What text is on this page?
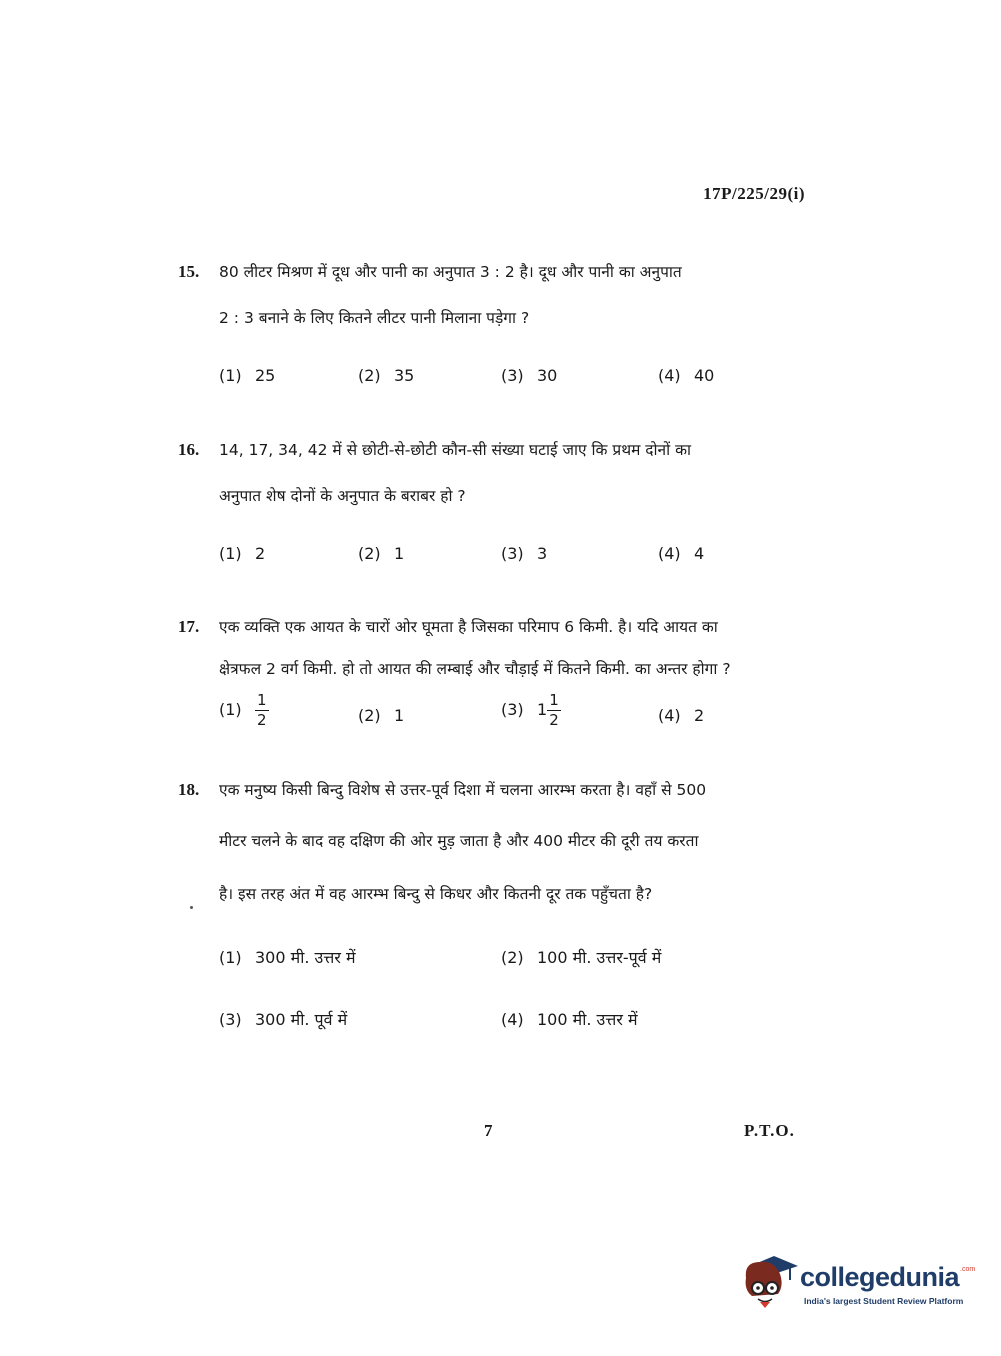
17P/225/29(i)
15. 80 लीटर मिश्रण में दूध और पानी का अनुपात 3 : 2 है। दूध और पानी का अनुपात
2 : 3 बनाने के लिए कितने लीटर पानी मिलाना पड़ेगा ?
(1) 25	(2) 35	(3) 30	(4) 40
16. 14, 17, 34, 42 में से छोटी-से-छोटी कौन-सी संख्या घटाई जाए कि प्रथम दोनों का
अनुपात शेष दोनों के अनुपात के बराबर हो ?
(1) 2	(2) 1	(3) 3	(4) 4
17. एक व्यक्ति एक आयत के चारों ओर घूमता है जिसका परिमाप 6 किमी. है। यदि आयत का
क्षेत्रफल 2 वर्ग किमी. हो तो आयत की लम्बाई और चौड़ाई में कितने किमी. का अन्तर होगा ?
$(1) \frac{1}{2}$	(2) 1	(3) $1 \frac{1}{2}$	(4) 2
18. एक मनुष्य किसी बिन्दु विशेष से उत्तर-पूर्व दिशा में चलना आरम्भ करता है। वहाँ से 500
मीटर चलने के बाद वह दक्षिण की ओर मुड़ जाता है और 400 मीटर की दूरी तय करता
है। इस तरह अंत में वह आरम्भ बिन्दु से किधर और कितनी दूर तक पहुँचता है?
(1) 300 मी. उत्तर में	(2) 100 मी. उत्तर-पूर्व में
(3) 300 मी. पूर्व में	(4) 100 मी. उत्तर में
7	P.T.O.
collegedunia .com
India's largest Student Review Platform
